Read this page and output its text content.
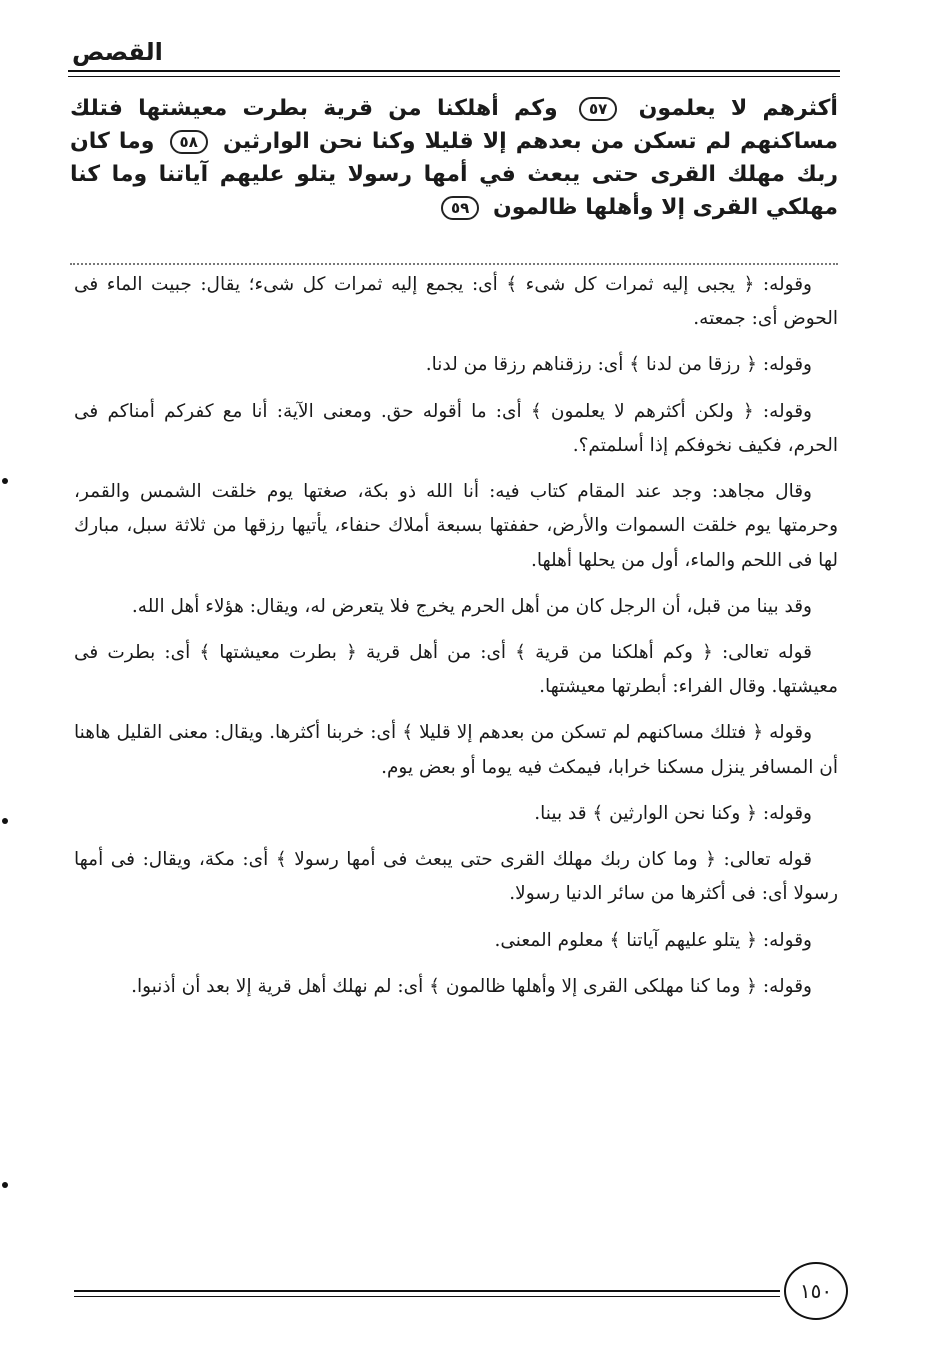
القصص
أكثرهم لا يعلمون ٥٧ وكم أهلكنا من قرية بطرت معيشتها فتلك مساكنهم لم تسكن من بعدهم إلا قليلا وكنا نحن الوارثين ٥٨ وما كان ربك مهلك القرى حتى يبعث في أمها رسولا يتلو عليهم آياتنا وما كنا مهلكي القرى إلا وأهلها ظالمون ٥٩

وقوله: ﴿ يجبى إليه ثمرات كل شىء ﴾ أى: يجمع إليه ثمرات كل شىء؛ يقال: جبيت الماء فى الحوض أى: جمعته.

وقوله: ﴿ رزقا من لدنا ﴾ أى: رزقناهم رزقا من لدنا.

وقوله: ﴿ ولكن أكثرهم لا يعلمون ﴾ أى: ما أقوله حق. ومعنى الآية: أنا مع كفركم أمناكم فى الحرم، فكيف نخوفكم إذا أسلمتم؟.

وقال مجاهد: وجد عند المقام كتاب فيه: أنا الله ذو بكة، صغتها يوم خلقت الشمس والقمر، وحرمتها يوم خلقت السموات والأرض، حففتها بسبعة أملاك حنفاء، يأتيها رزقها من ثلاثة سبل، مبارك لها فى اللحم والماء، أول من يحلها أهلها.

وقد بينا من قبل، أن الرجل كان من أهل الحرم يخرج فلا يتعرض له، ويقال: هؤلاء أهل الله.

قوله تعالى: ﴿ وكم أهلكنا من قرية ﴾ أى: من أهل قرية ﴿ بطرت معيشتها ﴾ أى: بطرت فى معيشتها. وقال الفراء: أبطرتها معيشتها.

وقوله ﴿ فتلك مساكنهم لم تسكن من بعدهم إلا قليلا ﴾ أى: خربنا أكثرها. ويقال: معنى القليل هاهنا أن المسافر ينزل مسكنا خرابا، فيمكث فيه يوما أو بعض يوم.

وقوله: ﴿ وكنا نحن الوارثين ﴾ قد بينا.

قوله تعالى: ﴿ وما كان ربك مهلك القرى حتى يبعث فى أمها رسولا ﴾ أى: مكة، ويقال: فى أمها رسولا أى: فى أكثرها من سائر الدنيا رسولا.

وقوله: ﴿ يتلو عليهم آياتنا ﴾ معلوم المعنى.

وقوله: ﴿ وما كنا مهلكى القرى إلا وأهلها ظالمون ﴾ أى: لم نهلك أهل قرية إلا بعد أن أذنبوا.

١٥٠
